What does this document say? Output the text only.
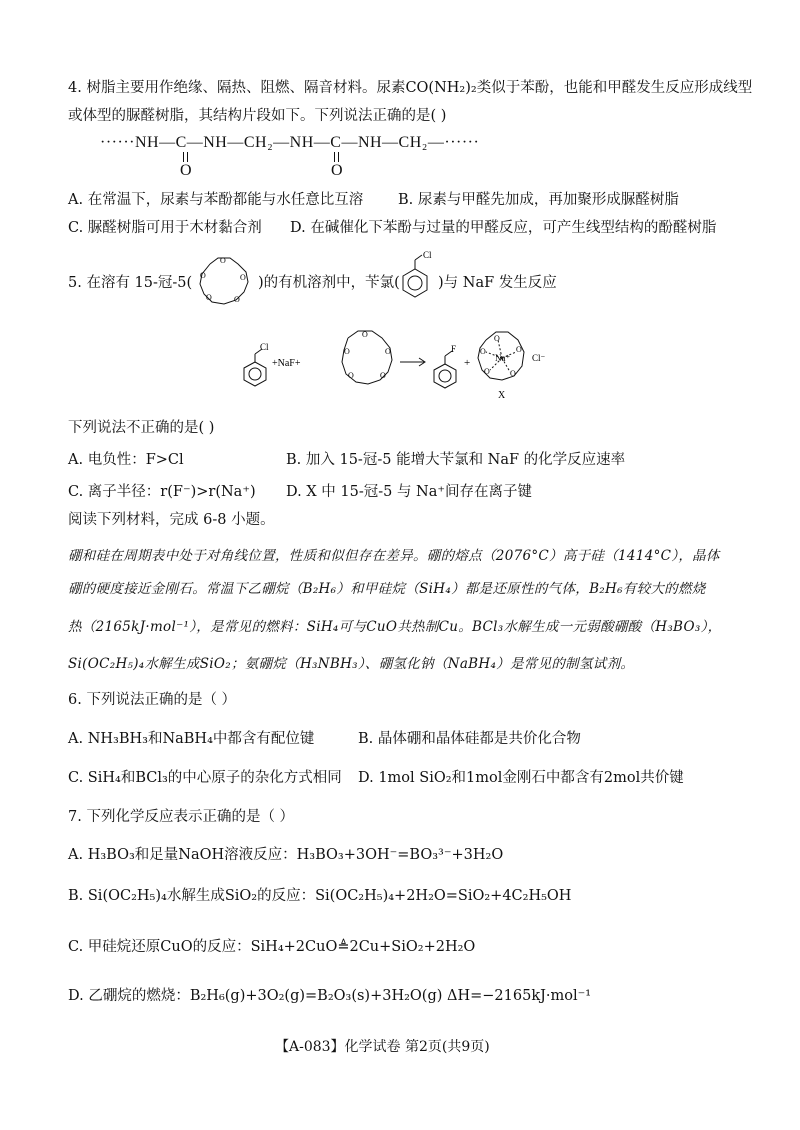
4. 树脂主要用作绝缘、隔热、阻燃、隔音材料。尿素CO(NH₂)₂类似于苯酚，也能和甲醛发生反应形成线型

或体型的脲醛树脂，其结构片段如下。下列说法正确的是( )

······NH—C—NH—CH₂—NH—C—NH—CH₂—······
O	O

A. 在常温下，尿素与苯酚都能与水任意比互溶 B. 尿素与甲醛先加成，再加聚形成脲醛树脂

C. 脲醛树脂可用于木材黏合剂 D. 在碱催化下苯酚与过量的甲醛反应，可产生线型结构的酚醛树脂

5. 在溶有 15-冠-5(

O
O
O
O
O	)的有机溶剂中，苄氯(

Cl

)与 NaF 发生反应

Cl
+NaF+
O
O
O
O
O	F
+
O
O
O
O
O
Na⁺ Cl⁻
X

下列说法不正确的是( )

A. 电负性：F>Cl	B. 加入 15-冠-5 能增大苄氯和 NaF 的化学反应速率

C. 离子半径：r(F⁻)>r(Na⁺) D. X 中 15-冠-5 与 Na⁺间存在离子键

阅读下列材料，完成 6-8 小题。

硼和硅在周期表中处于对角线位置，性质和似但存在差异。硼的熔点（2076°C）高于硅（1414°C），晶体

硼的硬度接近金刚石。常温下乙硼烷（B₂H₆）和甲硅烷（SiH₄）都是还原性的气体，B₂H₆有较大的燃烧

热（2165kJ·mol⁻¹），是常见的燃料：SiH₄可与CuO共热制Cu。BCl₃水解生成一元弱酸硼酸（H₃BO₃），

Si(OC₂H₅)₄水解生成SiO₂；氨硼烷（H₃NBH₃）、硼氢化钠（NaBH₄）是常见的制氢试剂。

6. 下列说法正确的是（ ）

A. NH₃BH₃和NaBH₄中都含有配位键	B. 晶体硼和晶体硅都是共价化合物

C. SiH₄和BCl₃的中心原子的杂化方式相同 D. 1mol SiO₂和1mol金刚石中都含有2mol共价键

7. 下列化学反应表示正确的是（ ）

A. H₃BO₃和足量NaOH溶液反应：H₃BO₃+3OH⁻=BO₃³⁻+3H₂O

B. Si(OC₂H₅)₄水解生成SiO₂的反应：Si(OC₂H₅)₄+2H₂O=SiO₂+4C₂H₅OH

C. 甲硅烷还原CuO的反应：SiH₄+2CuO≜2Cu+SiO₂+2H₂O

D. 乙硼烷的燃烧：B₂H₆(g)+3O₂(g)=B₂O₃(s)+3H₂O(g) ΔH=−2165kJ·mol⁻¹

【A-083】化学试卷 第2页(共9页)
